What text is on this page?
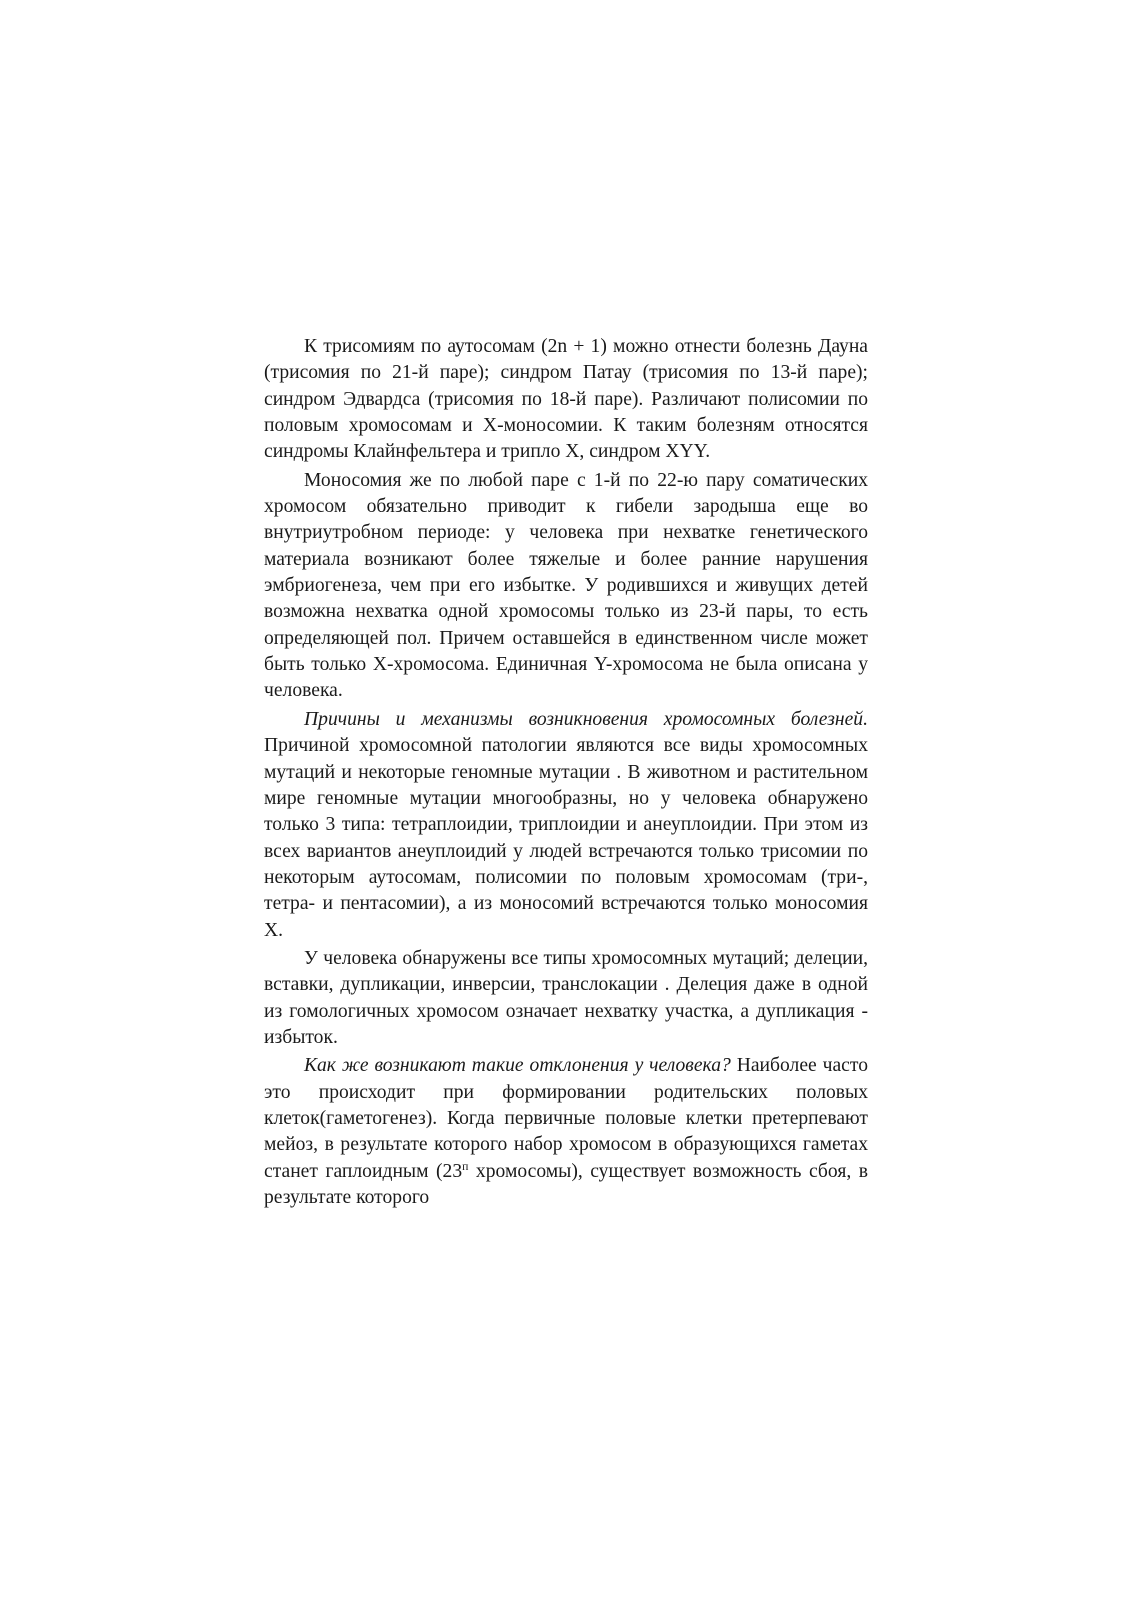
К трисомиям по аутосомам (2n + 1) можно отнести болезнь Дауна (трисомия по 21-й паре); синдром Патау (трисомия по 13-й паре); синдром Эдвардса (трисомия по 18-й паре). Различают полисомии по половым хромосомам и Х-моносомии. К таким болезням относятся синдромы Клайнфельтера и трипло X, синдром XYY.

Моносомия же по любой паре с 1-й по 22-ю пару соматических хромосом обязательно приводит к гибели зародыша еще во внутриутробном периоде: у человека при нехватке генетического материала возникают более тяжелые и более ранние нарушения эмбриогенеза, чем при его избытке. У родившихся и живущих детей возможна нехватка одной хромосомы только из 23-й пары, то есть определяющей пол. Причем оставшейся в единственном числе может быть только Х-хромосома. Единичная Y-хромосома не была описана у человека.

Причины и механизмы возникновения хромосомных болезней. Причиной хромосомной патологии являются все виды хромосомных мутаций и некоторые геномные мутации . В животном и растительном мире геномные мутации многообразны, но у человека обнаружено только 3 типа: тетраплоидии, триплоидии и анеуплоидии. При этом из всех вариантов анеуплоидий у людей встречаются только трисомии по некоторым аутосомам, полисомии по половым хромосомам (три-, тетра- и пентасомии), а из моносомий встречаются только моносомия X.

У человека обнаружены все типы хромосомных мутаций; делеции, вставки, дупликации, инверсии, транслокации . Делеция даже в одной из гомологичных хромосом означает нехватку участка, а дупликация - избыток.

Как же возникают такие отклонения у человека? Наиболее часто это происходит при формировании родительских половых клеток(гаметогенез). Когда первичные половые клетки претерпевают мейоз, в результате которого набор хромосом в образующихся гаметах станет гаплоидным ($23^п$ хромосомы), существует возможность сбоя, в результате которого
